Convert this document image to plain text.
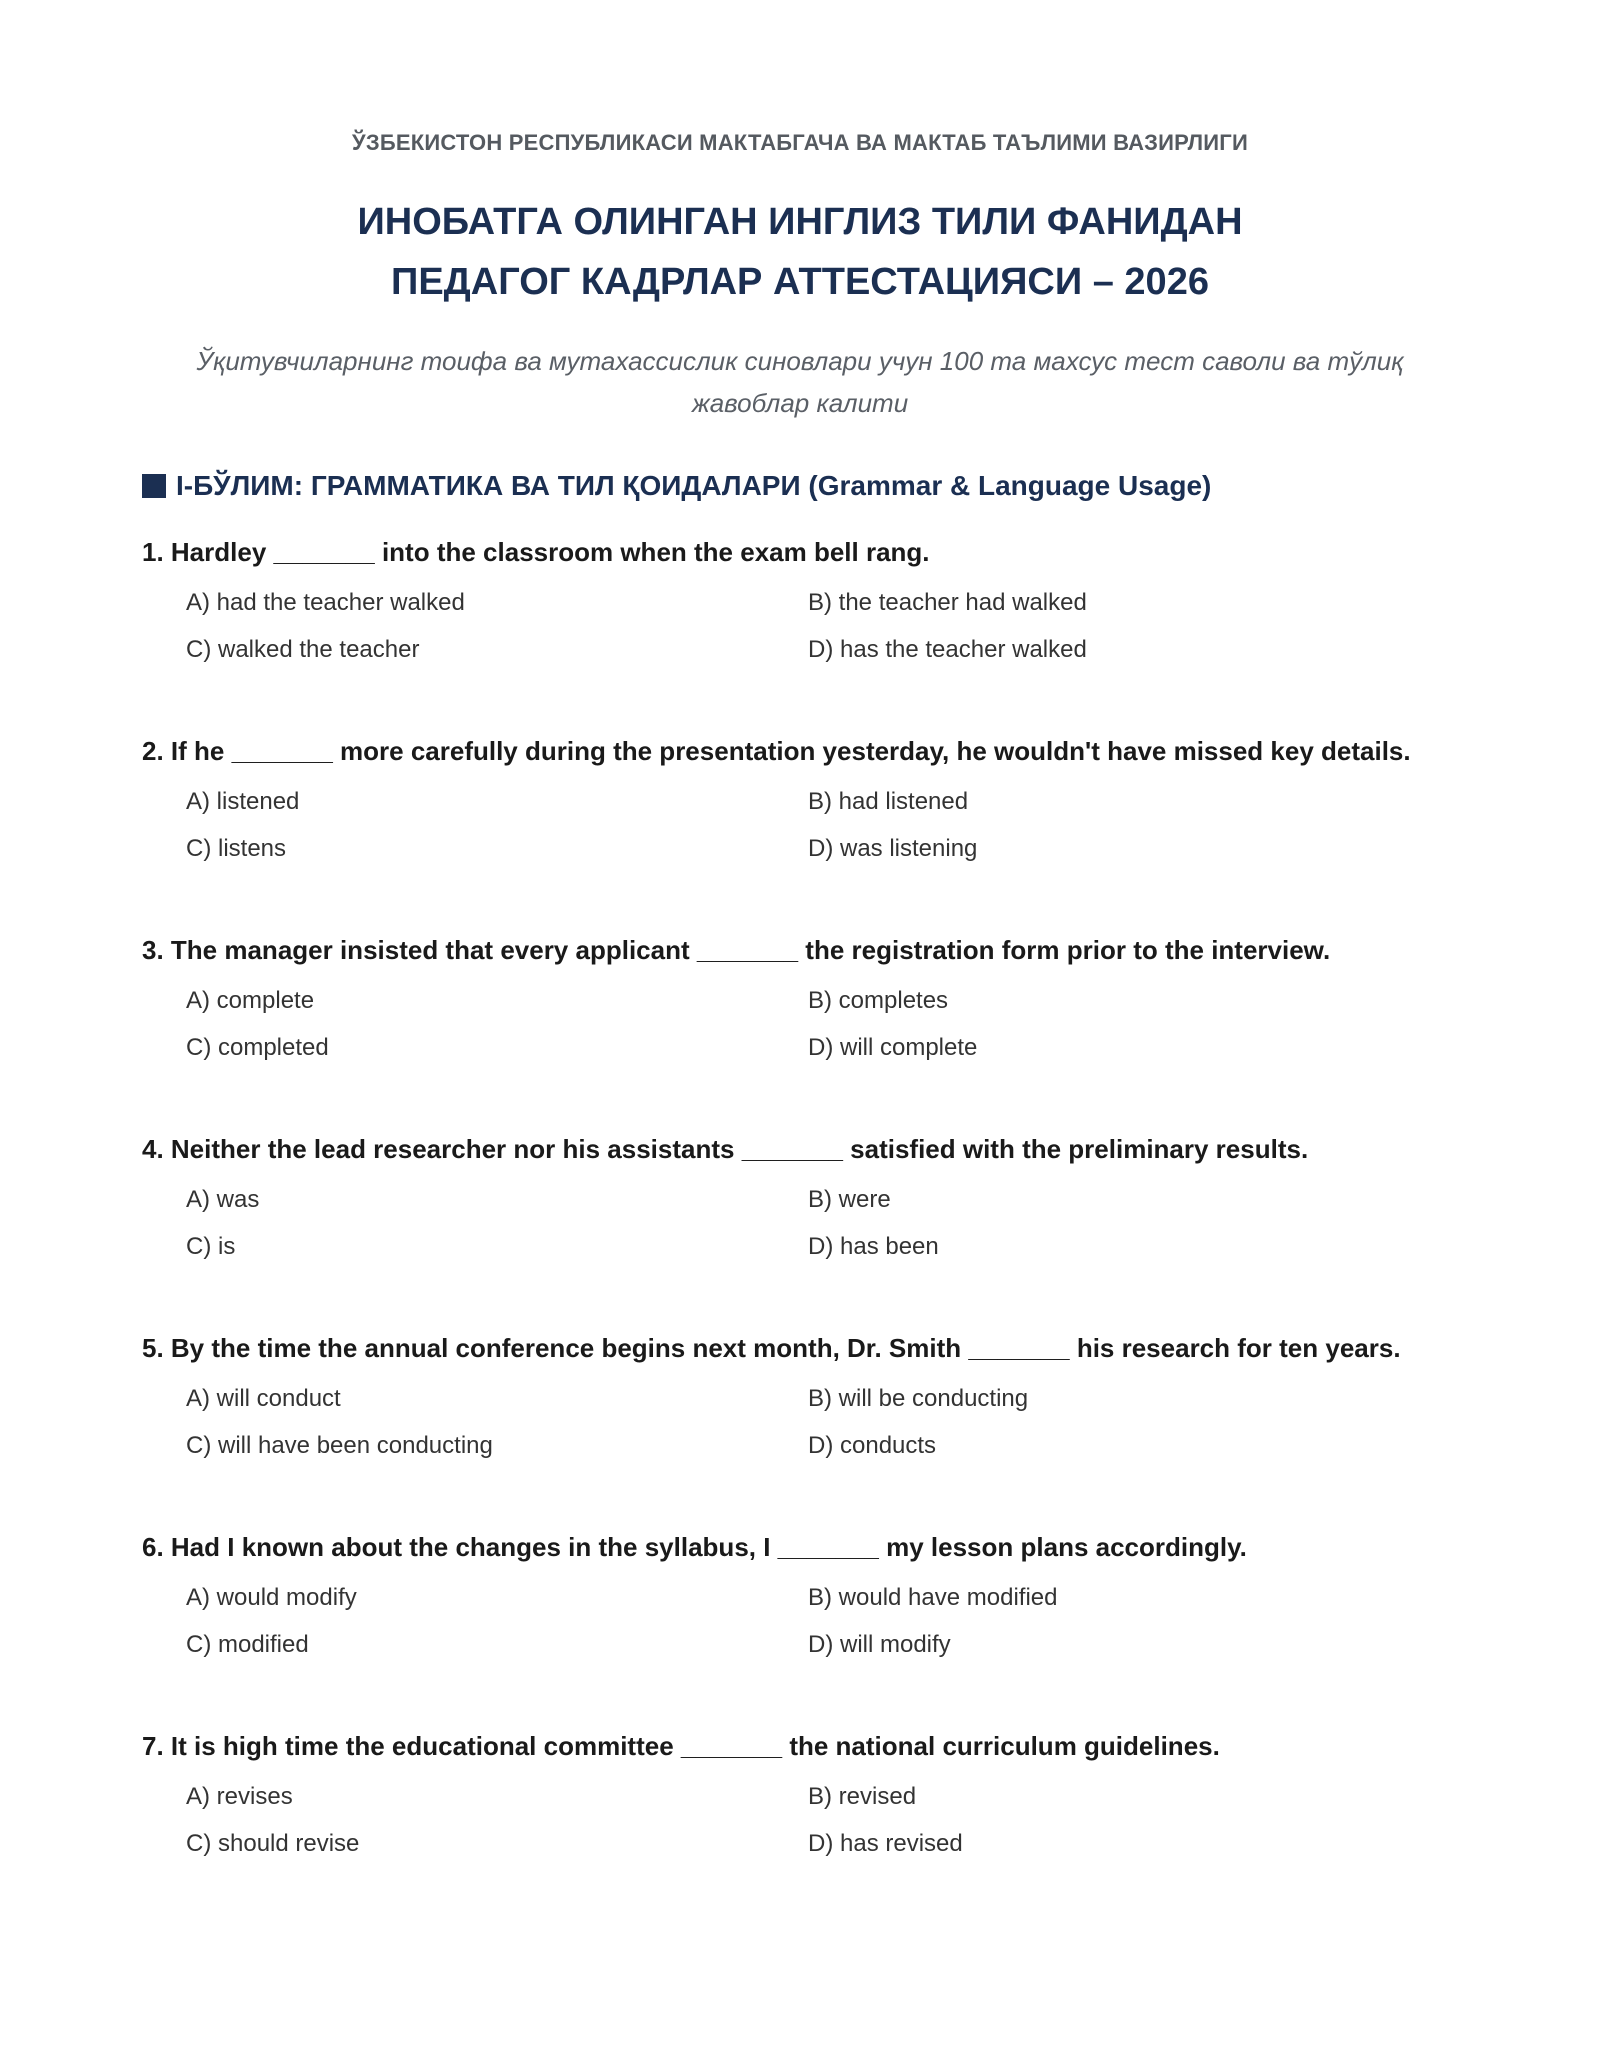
ЎЗБЕКИСТОН РЕСПУБЛИКАСИ МАКТАБГАЧА ВА МАКТАБ ТАЪЛИМИ ВАЗИРЛИГИ
ИНОБАТГА ОЛИНГАН ИНГЛИЗ ТИЛИ ФАНИДАН
ПЕДАГОГ КАДРЛАР АТТЕСТАЦИЯСИ – 2026
Ўқитувчиларнинг тоифа ва мутахассислик синовлари учун 100 та махсус тест саволи ва тўлиқ жавоблар калити
I-БЎЛИМ: ГРАММАТИКА ВА ТИЛ ҚОИДАЛАРИ (Grammar & Language Usage)
1. Hardley _______ into the classroom when the exam bell rang.
A) had the teacher walked	B) the teacher had walked
C) walked the teacher	D) has the teacher walked
2. If he _______ more carefully during the presentation yesterday, he wouldn't have missed key details.
A) listened	B) had listened
C) listens	D) was listening
3. The manager insisted that every applicant _______ the registration form prior to the interview.
A) complete	B) completes
C) completed	D) will complete
4. Neither the lead researcher nor his assistants _______ satisfied with the preliminary results.
A) was	B) were
C) is	D) has been
5. By the time the annual conference begins next month, Dr. Smith _______ his research for ten years.
A) will conduct	B) will be conducting
C) will have been conducting	D) conducts
6. Had I known about the changes in the syllabus, I _______ my lesson plans accordingly.
A) would modify	B) would have modified
C) modified	D) will modify
7. It is high time the educational committee _______ the national curriculum guidelines.
A) revises	B) revised
C) should revise	D) has revised
